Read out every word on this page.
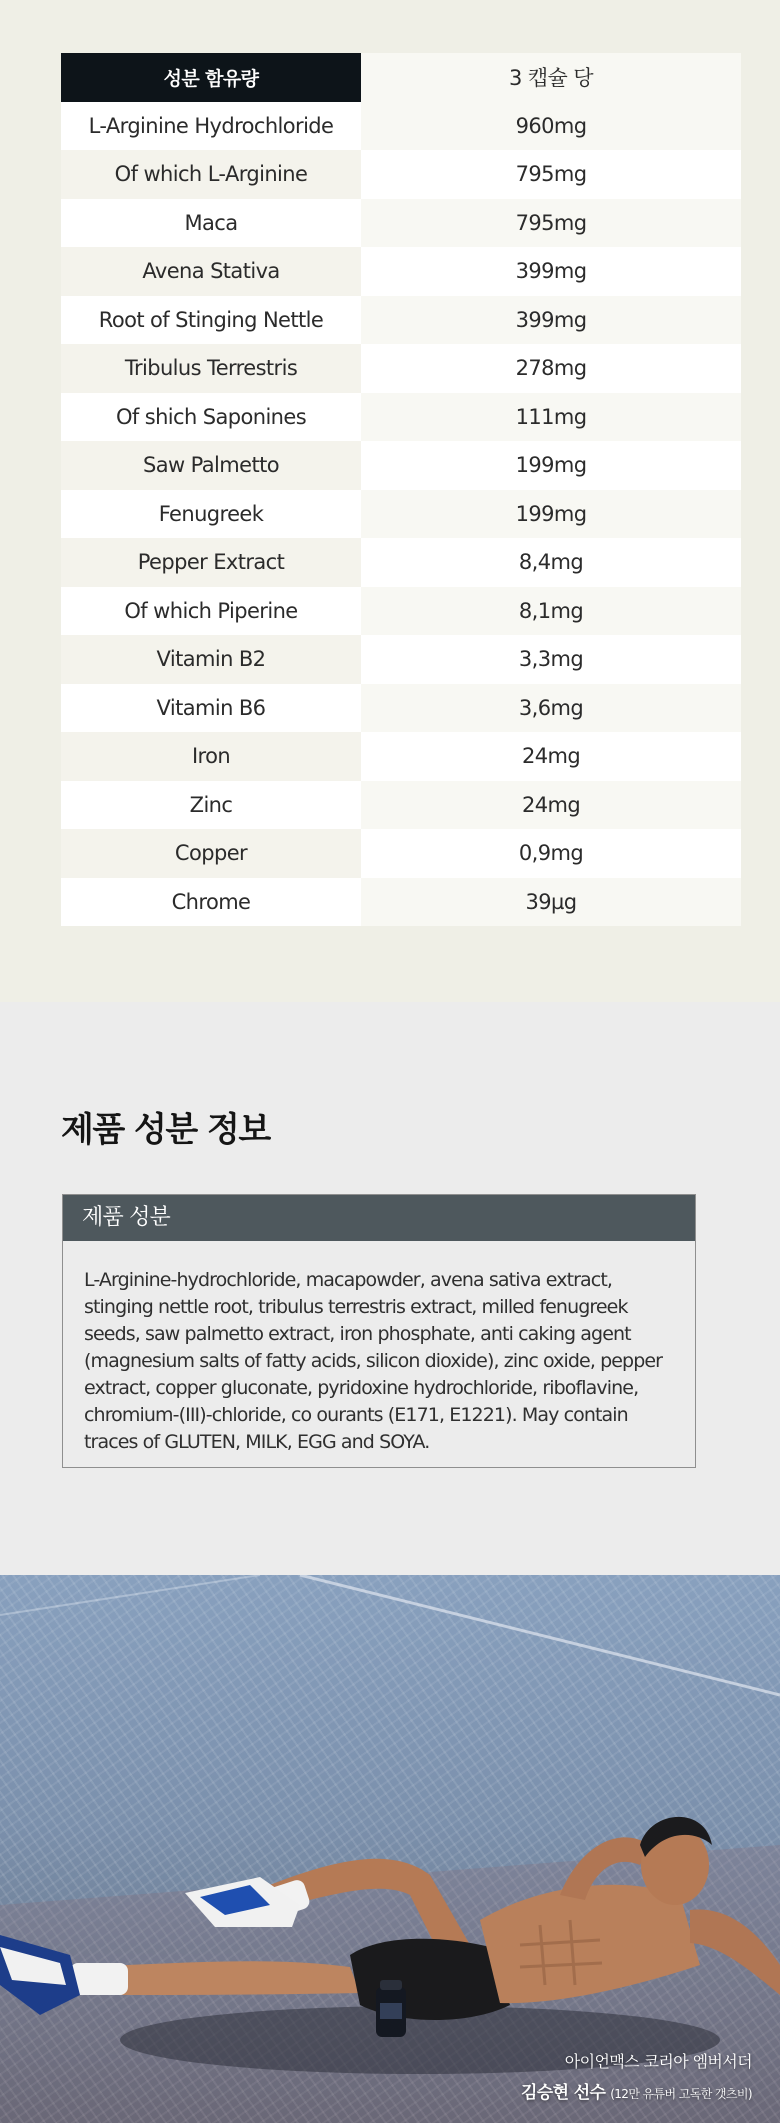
성분 함유량	3 캡슐 당
L-Arginine Hydrochloride	960mg
Of which L-Arginine	795mg
Maca	795mg
Avena Stativa	399mg
Root of Stinging Nettle	399mg
Tribulus Terrestris	278mg
Of shich Saponines	111mg
Saw Palmetto	199mg
Fenugreek	199mg
Pepper Extract	8,4mg
Of which Piperine	8,1mg
Vitamin B2	3,3mg
Vitamin B6	3,6mg
Iron	24mg
Zinc	24mg
Copper	0,9mg
Chrome	39µg
제품 성분 정보
제품 성분
L-Arginine-hydrochloride, macapowder, avena sativa extract, stinging nettle root, tribulus terrestris extract, milled fenugreek seeds, saw palmetto extract, iron phosphate, anti caking agent (magnesium salts of fatty acids, silicon dioxide), zinc oxide, pepper extract, copper gluconate, pyridoxine hydrochloride, riboflavine, chromium-(III)-chloride, co ourants (E171, E1221). May contain traces of GLUTEN, MILK, EGG and SOYA.
아이언맥스 코리아 엠버서더
김승현 선수 (12만 유튜버 고독한 갯츠비)
